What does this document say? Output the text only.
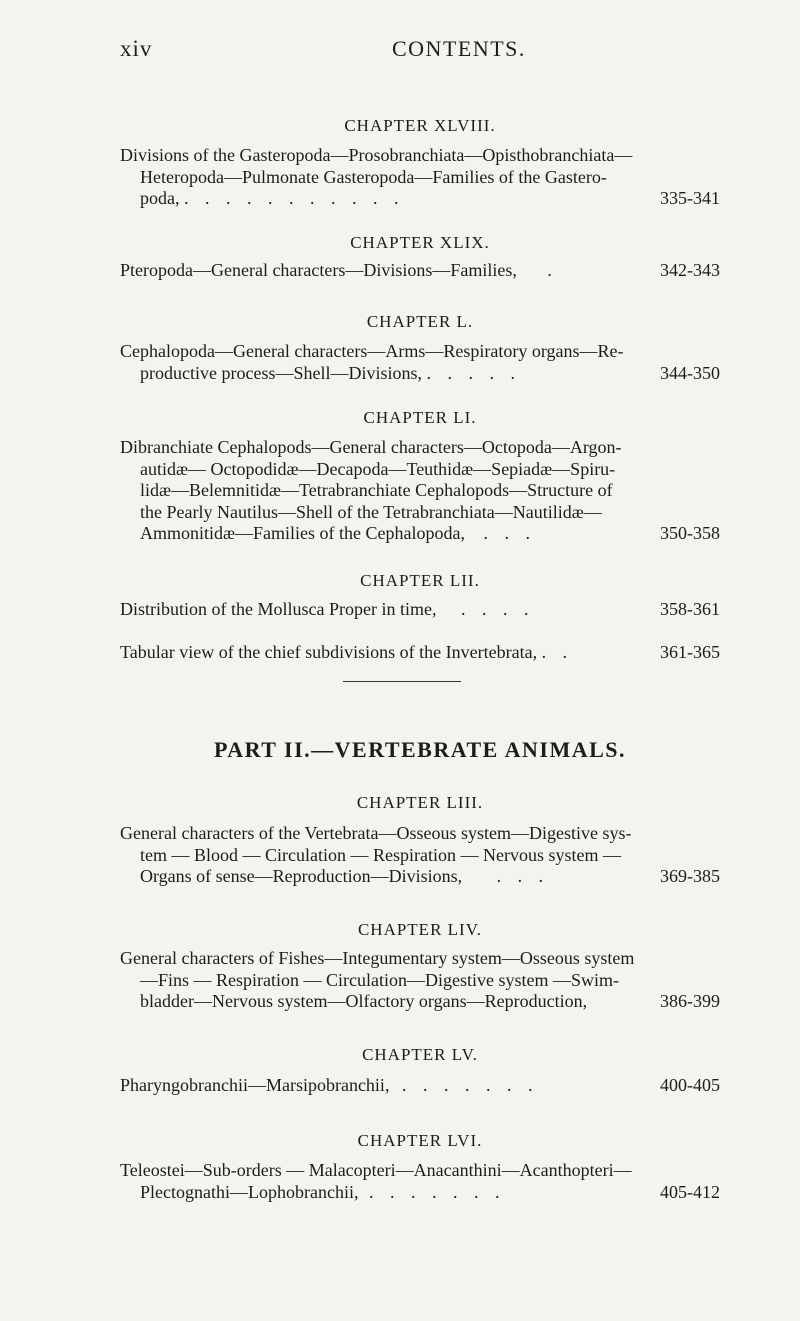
xiv	CONTENTS.
CHAPTER XLVIII.
Divisions of the Gasteropoda—Prosobranchiata—Opisthobranchiata—
Heteropoda—Pulmonate Gasteropoda—Families of the Gastero-
poda, . . . . . . . . . . .	335-341
CHAPTER XLIX.
Pteropoda—General characters—Divisions—Families, .	342-343
CHAPTER L.
Cephalopoda—General characters—Arms—Respiratory organs—Re-
productive process—Shell—Divisions, . . . . .	344-350
CHAPTER LI.
Dibranchiate Cephalopods—General characters—Octopoda—Argon-
autidæ— Octopodidæ—Decapoda—Teuthidæ—Sepiadæ—Spiru-
lidæ—Belemnitidæ—Tetrabranchiate Cephalopods—Structure of
the Pearly Nautilus—Shell of the Tetrabranchiata—Nautilidæ—
Ammonitidæ—Families of the Cephalopoda, . . .	350-358
CHAPTER LII.
Distribution of the Mollusca Proper in time, . . . .	358-361
Tabular view of the chief subdivisions of the Invertebrata, . .	361-365
PART II.—VERTEBRATE ANIMALS.
CHAPTER LIII.
General characters of the Vertebrata—Osseous system—Digestive sys-
tem — Blood — Circulation — Respiration — Nervous system —
Organs of sense—Reproduction—Divisions, . . .	369-385
CHAPTER LIV.
General characters of Fishes—Integumentary system—Osseous system
—Fins — Respiration — Circulation—Digestive system —Swim-
bladder—Nervous system—Olfactory organs—Reproduction,	386-399
CHAPTER LV.
Pharyngobranchii—Marsipobranchii, . . . . . . .	400-405
CHAPTER LVI.
Teleostei—Sub-orders — Malacopteri—Anacanthini—Acanthopteri—
Plectognathi—Lophobranchii, . . . . . . .	405-412
